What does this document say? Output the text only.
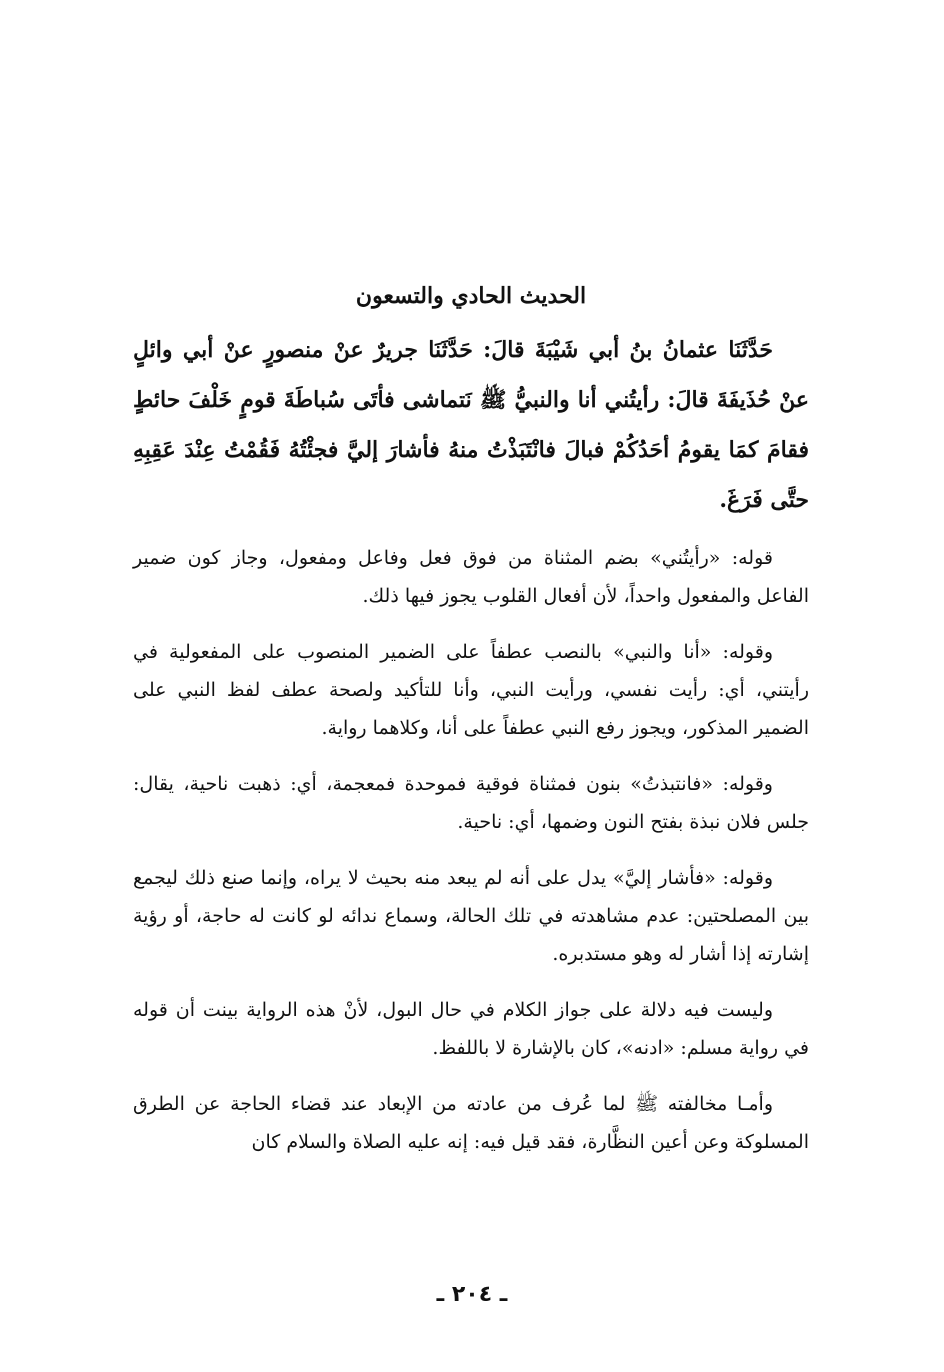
الحديث الحادي والتسعون

حَدَّثَنَا عثمانُ بنُ أبي شَيْبَةَ قالَ: حَدَّثَنَا جريرٌ عنْ منصورٍ عنْ أبي وائلٍ عنْ حُذَيفَةَ قالَ: رأيتُني أنا والنبيُّ ﷺ نَتماشى فأتَى سُباطَةَ قومٍ خَلْفَ حائطٍ فقامَ كمَا يقومُ أحَدُكُمْ فبالَ فانْتَبَذْتُ منهُ فأشارَ إليَّ فجئْتُهُ فَقُمْتُ عِنْدَ عَقِبِهِ حتَّى فَرَغَ.

قوله: «رأيتُني» بضم المثناة من فوق فعل وفاعل ومفعول، وجاز كون ضمير الفاعل والمفعول واحداً، لأن أفعال القلوب يجوز فيها ذلك.

وقوله: «أنا والنبي» بالنصب عطفاً على الضمير المنصوب على المفعولية في رأيتني، أي: رأيت نفسي، ورأيت النبي، وأنا للتأكيد ولصحة عطف لفظ النبي على الضمير المذكور، ويجوز رفع النبي عطفاً على أنا، وكلاهما رواية.

وقوله: «فانتبذتُ» بنون فمثناة فوقية فموحدة فمعجمة، أي: ذهبت ناحية، يقال: جلس فلان نبذة بفتح النون وضمها، أي: ناحية.

وقوله: «فأشار إليَّ» يدل على أنه لم يبعد منه بحيث لا يراه، وإنما صنع ذلك ليجمع بين المصلحتين: عدم مشاهدته في تلك الحالة، وسماع ندائه لو كانت له حاجة، أو رؤية إشارته إذا أشار له وهو مستدبره.

وليست فيه دلالة على جواز الكلام في حال البول، لأنْ هذه الرواية بينت أن قوله في رواية مسلم: «ادنه»، كان بالإشارة لا باللفظ.

وأمـا مخالفته ﷺ لما عُرف من عادته من الإبعاد عند قضاء الحاجة عن الطرق المسلوكة وعن أعين النظَّارة، فقد قيل فيه: إنه عليه الصلاة والسلام كان

ـ ٢٠٤ ـ
